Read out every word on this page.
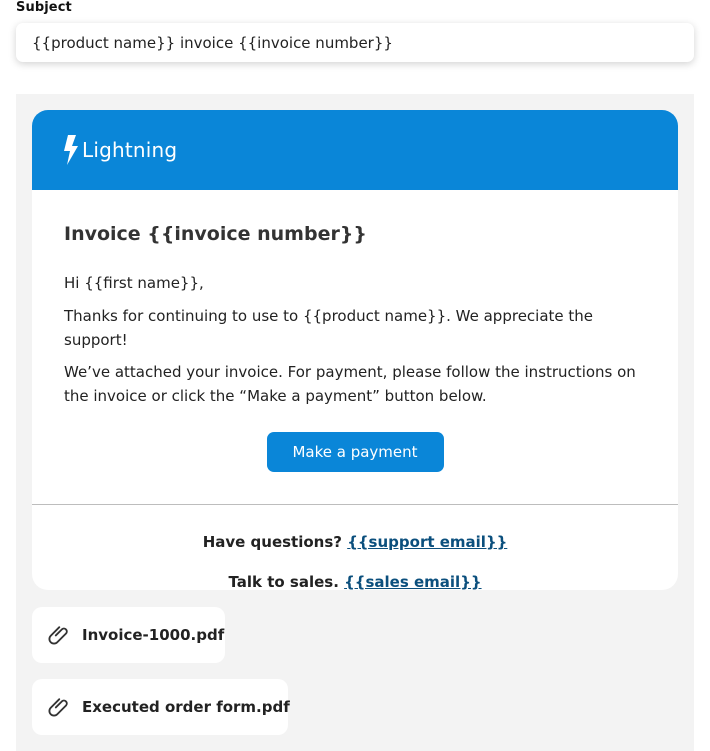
Subject
{{product name}} invoice {{invoice number}}
Lightning
Invoice {{invoice number}}

Hi {{first name}},

Thanks for continuing to use to {{product name}}. We appreciate the support!

We’ve attached your invoice. For payment, please follow the instructions on the invoice or click the “Make a payment” button below.

Make a payment
Have questions? {{support email}}
Talk to sales. {{sales email}}
Invoice-1000.pdf
Executed order form.pdf
